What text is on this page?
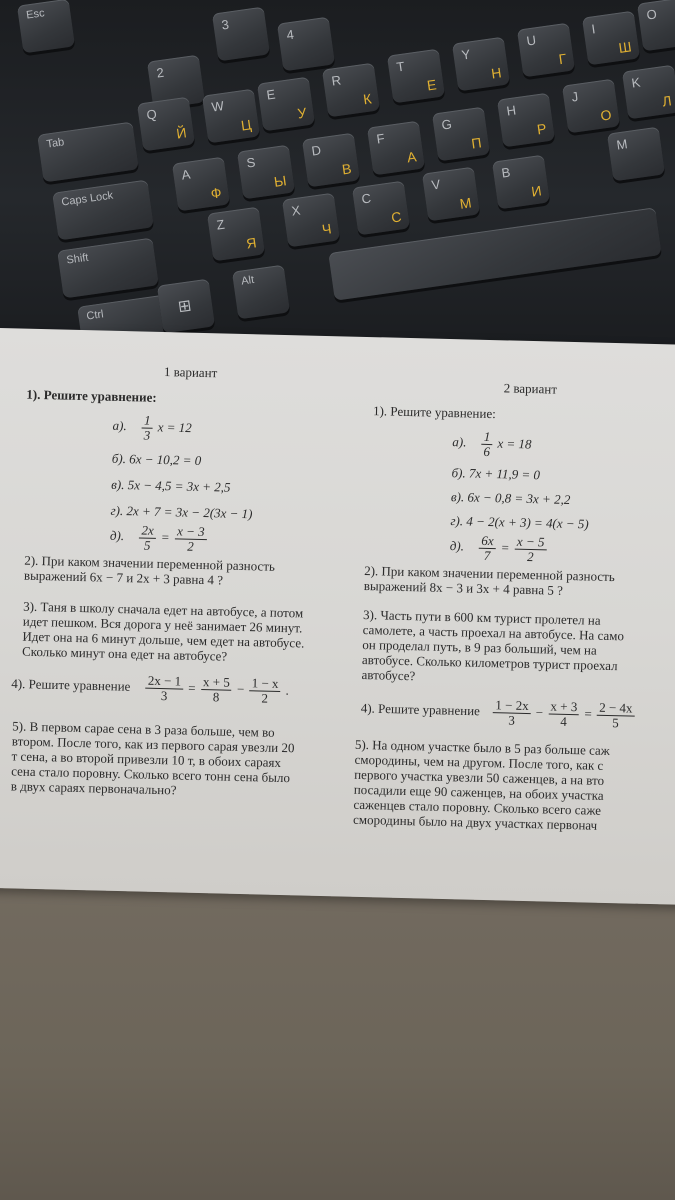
Esc
2
3
4
E
У
R
К
T
Е
Y
Н
U
Г
I
Ш
O
Q
Й
W
Ц
Tab
Caps Lock
A
Ф
S
Ы
D
В
F
А
G
П
H
Р
J
О
K
Л
M
Shift
Z
Я
X
Ч
C
С
V
М
B
И
Ctrl
Alt
⊞
1 вариант
1). Решите уравнение:
а). $\frac{1}{3}$ x = 12
б). 6x − 10,2 = 0
в). 5x − 4,5 = 3x + 2,5
г). 2x + 7 = 3x − 2(3x − 1)
д). $\frac{2x}{5} = \frac{x - 3}{2}$
2). При каком значении переменной разность
выражений 6x − 7 и 2x + 3 равна 4 ?
3). Таня в школу сначала едет на автобусе, а потом
идет пешком. Вся дорога у неё занимает 26 минут.
Идет она на 6 минут дольше, чем едет на автобусе.
Сколько минут она едет на автобусе?
4). Решите уравнение $\frac{2x - 1}{3} = \frac{x + 5}{8} - \frac{1 - x}{2}$ .
5). В первом сарае сена в 3 раза больше, чем во
втором. После того, как из первого сарая увезли 20
т сена, а во второй привезли 10 т, в обоих сараях
сена стало поровну. Сколько всего тонн сена было
в двух сараях первоначально?
2 вариант
1). Решите уравнение:
а). $\frac{1}{6}$ x = 18
б). 7x + 11,9 = 0
в). 6x − 0,8 = 3x + 2,2
г). 4 − 2(x + 3) = 4(x − 5)
д). $\frac{6x}{7} = \frac{x - 5}{2}$
2). При каком значении переменной разность
выражений 8x − 3 и 3x + 4 равна 5 ?
3). Часть пути в 600 км турист пролетел на
самолете, а часть проехал на автобусе. На само
он проделал путь, в 9 раз больший, чем на
автобусе. Сколько километров турист проехал
автобусе?
4). Решите уравнение $\frac{1 - 2x}{3} - \frac{x + 3}{4} = \frac{2 - 4x}{5}$
5). На одном участке было в 5 раз больше саж
смородины, чем на другом. После того, как с
первого участка увезли 50 саженцев, а на вто
посадили еще 90 саженцев, на обоих участка
саженцев стало поровну. Сколько всего саже
смородины было на двух участках первонач
